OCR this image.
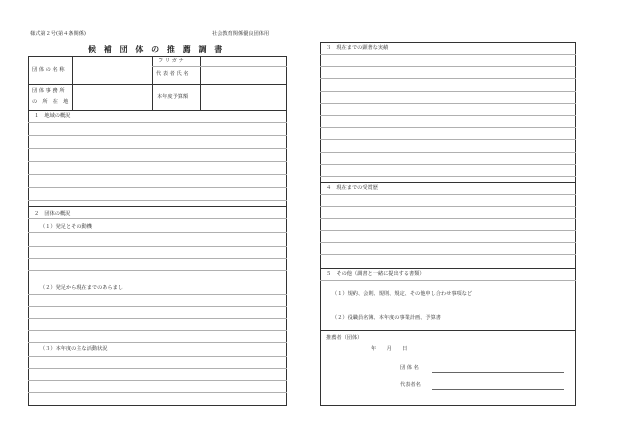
様式第２号(第４条関係)	社会教育関係優良団体用
候 補 団 体 の 推 薦 調 書
団 体 の 名 称
フ リ ガ ナ
代 表 者 氏 名
団 体 事 務 所
の　所　在　地
本年度予算額
１　地域の概況
２　団体の概況
（１）発足とその動機
（２）発足から現在までのあらまし
（３）本年度の主な活動状況
３　現在までの顕著な実績
４　現在までの受賞歴
５　その他（調書と一緒に提出する書類）
（１）規約、会則、規則、規定、その他申し合わせ事項など
（２）役職員名簿、本年度の事業計画、予算書
推薦者（団体）
年　　月　　日
団 体 名
代表者名
